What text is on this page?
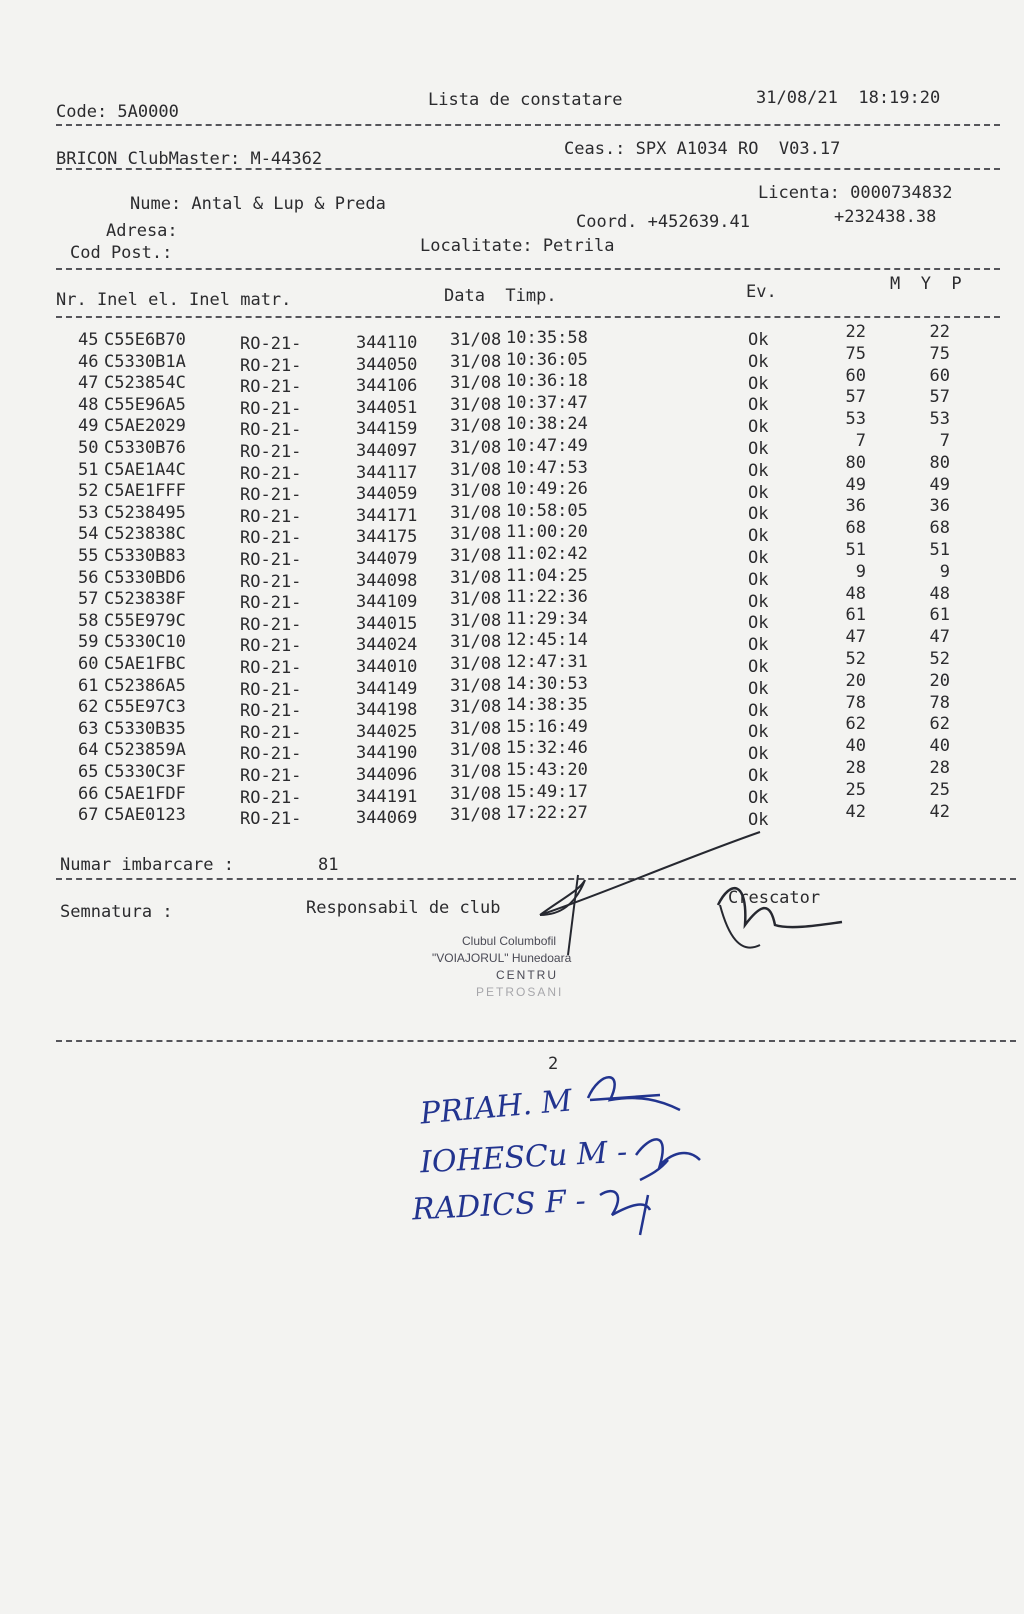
Code: 5A0000
Lista de constatare	31/08/21  18:19:20
BRICON ClubMaster: M-44362	Ceas.: SPX A1034 RO  V03.17
Nume: Antal & Lup & Preda
Licenta: 0000734832
Adresa:	Coord. +452639.41	+232438.38
Cod Post.:	Localitate: Petrila
Nr. Inel el. Inel matr.	Data  Timp.	Ev.	M  Y  P
45 C55E6B70	RO-21-	344110 31/08 10:35:58	Ok	22	22
46 C5330B1A	RO-21-	344050 31/08 10:36:05	Ok	75	75
47 C523854C	RO-21-	344106 31/08 10:36:18	Ok	60	60
48 C55E96A5	RO-21-	344051 31/08 10:37:47	Ok	57	57
49 C5AE2029	RO-21-	344159 31/08 10:38:24	Ok	53	53
50 C5330B76	RO-21-	344097 31/08 10:47:49	Ok	7	7
51 C5AE1A4C	RO-21-	344117 31/08 10:47:53	Ok	80	80
52 C5AE1FFF	RO-21-	344059 31/08 10:49:26	Ok	49	49
53 C5238495	RO-21-	344171 31/08 10:58:05	Ok	36	36
54 C523838C	RO-21-	344175 31/08 11:00:20	Ok	68	68
55 C5330B83	RO-21-	344079 31/08 11:02:42	Ok	51	51
56 C5330BD6	RO-21-	344098 31/08 11:04:25	Ok	9	9
57 C523838F	RO-21-	344109 31/08 11:22:36	Ok	48	48
58 C55E979C	RO-21-	344015 31/08 11:29:34	Ok	61	61
59 C5330C10	RO-21-	344024 31/08 12:45:14	Ok	47	47
60 C5AE1FBC	RO-21-	344010 31/08 12:47:31	Ok	52	52
61 C52386A5	RO-21-	344149 31/08 14:30:53	Ok	20	20
62 C55E97C3	RO-21-	344198 31/08 14:38:35	Ok	78	78
63 C5330B35	RO-21-	344025 31/08 15:16:49	Ok	62	62
64 C523859A	RO-21-	344190 31/08 15:32:46	Ok	40	40
65 C5330C3F	RO-21-	344096 31/08 15:43:20	Ok	28	28
66 C5AE1FDF	RO-21-	344191 31/08 15:49:17	Ok	25	25
67 C5AE0123	RO-21-	344069 31/08 17:22:27	Ok	42	42
Numar imbarcare :	81
Semnatura :	Responsabil de club	Crescator
Clubul Columbofil
"VOIAJORUL" Hunedoara
CENTRU
PETROSANI
2
PRIAH. M
IOHESCu M -
RADICS F -
